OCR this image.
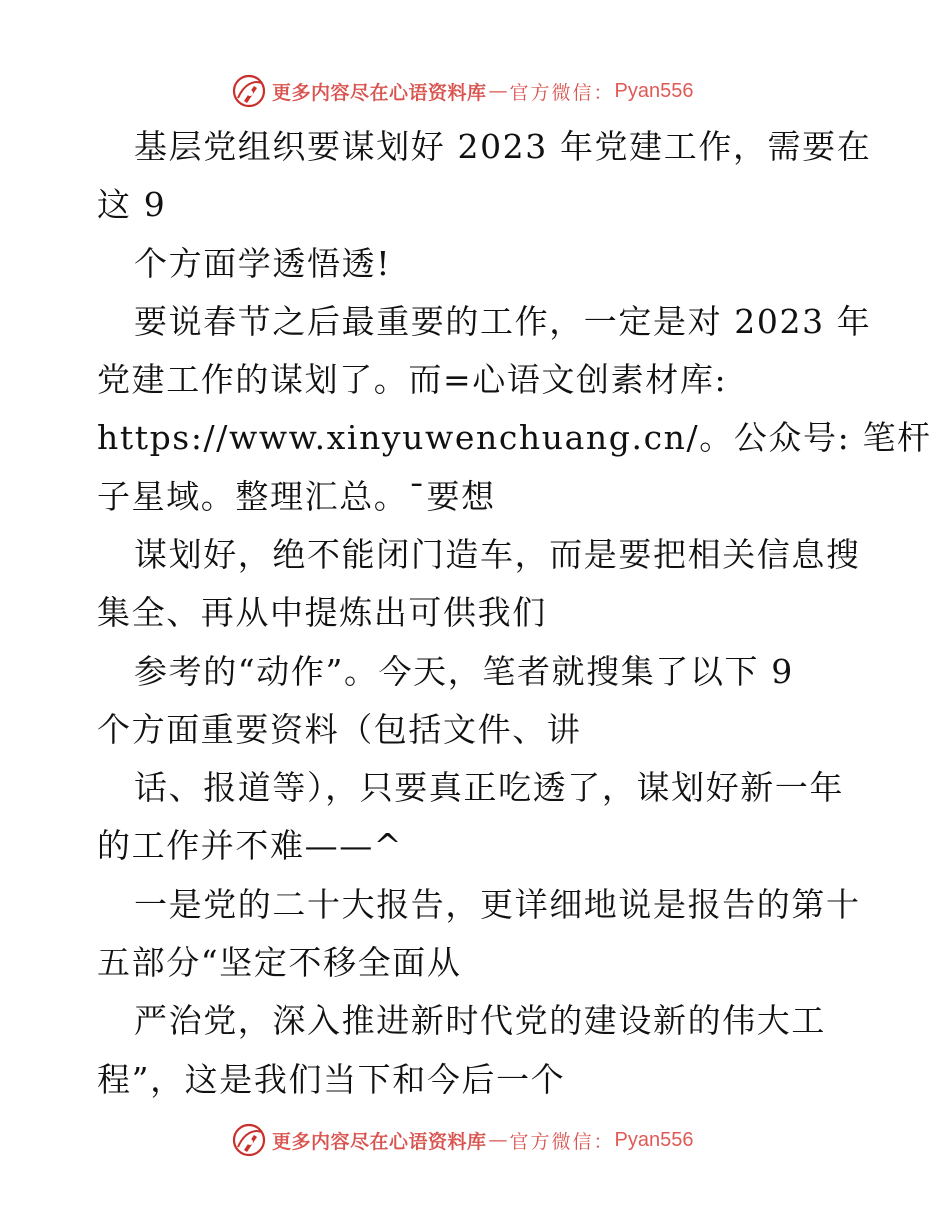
更多内容尽在心语资料库 — 官方微信： Pyan556
基层党组织要谋划好 2023 年党建工作，需要在
这 9
个方面学透悟透!
要说春节之后最重要的工作，一定是对 2023 年
党建工作的谋划了。而=心语文创素材库:
https://www.xinyuwenchuang.cn/。公众号: 笔杆
子星域。整理汇总。¯要想
谋划好，绝不能闭门造车，而是要把相关信息搜
集全、再从中提炼出可供我们
参考的“动作”。今天，笔者就搜集了以下 9
个方面重要资料（包括文件、讲
话、报道等），只要真正吃透了，谋划好新一年
的工作并不难——^
一是党的二十大报告，更详细地说是报告的第十
五部分“坚定不移全面从
严治党，深入推进新时代党的建设新的伟大工
程”，这是我们当下和今后一个
更多内容尽在心语资料库 — 官方微信： Pyan556
